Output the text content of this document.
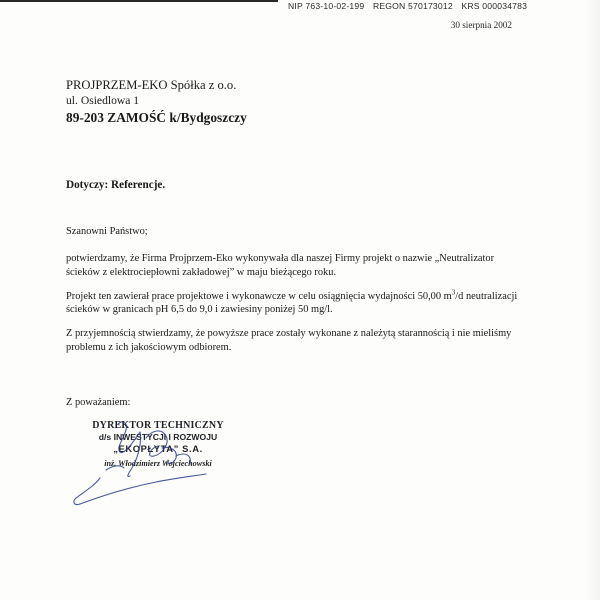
NIP 763-10-02-199 REGON 570173012 KRS 000034783
30 sierpnia 2002
PROJPRZEM-EKO Spółka z o.o.
ul. Osiedlowa 1
89-203 ZAMOŚĆ k/Bydgoszczy
Dotyczy: Referencje.
Szanowni Państwo;

potwierdzamy, że Firma Projprzem-Eko wykonywała dla naszej Firmy projekt o nazwie „Neutralizator ścieków z elektrociepłowni zakładowej” w maju bieżącego roku.

Projekt ten zawierał prace projektowe i wykonawcze w celu osiągnięcia wydajności 50,00 $m^3/d$ neutralizacji ścieków w granicach pH 6,5 do 9,0 i zawiesiny poniżej 50 mg/l.

Z przyjemnością stwierdzamy, że powyższe prace zostały wykonane z należytą starannością i nie mieliśmy problemu z ich jakościowym odbiorem.

Z poważaniem:
DYREKTOR TECHNICZNY
d/s INWESTYCJI I ROZWOJU
„EKOPŁYTA” S.A.
inż. Włodzimierz Wojciechowski
